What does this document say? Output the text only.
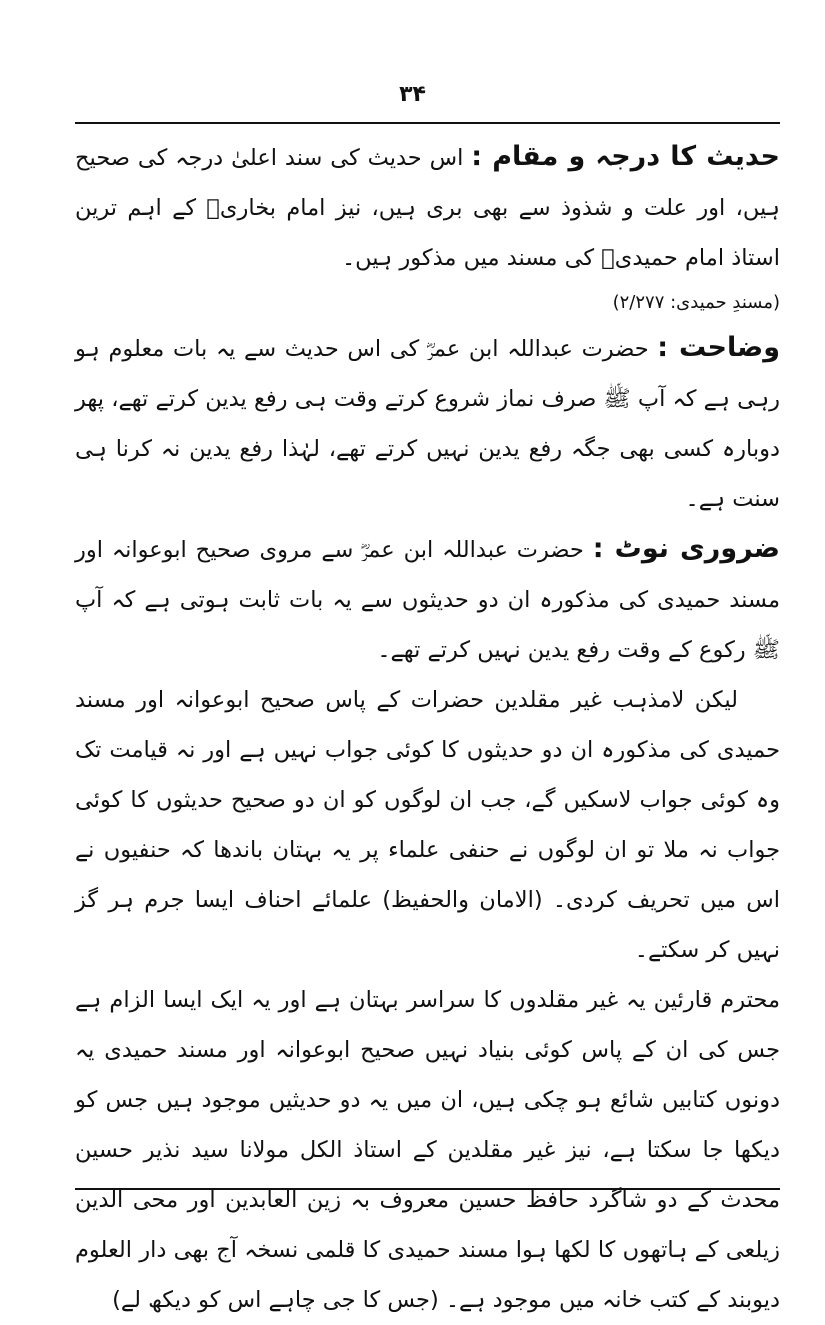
۳۴

حدیث کا درجہ و مقام : اس حدیث کی سند اعلیٰ درجہ کی صحیح ہیں، اور علت و شذوذ سے بھی بری ہیں، نیز امام بخاریؒ کے اہم ترین استاذ امام حمیدیؒ کی مسند میں مذکور ہیں۔

(مسندِ حمیدی: ۲/۲۷۷)

وضاحت : حضرت عبداللہ ابن عمرؓ کی اس حدیث سے یہ بات معلوم ہو رہی ہے کہ آپ ﷺ صرف نماز شروع کرتے وقت ہی رفع یدین کرتے تھے، پھر دوبارہ کسی بھی جگہ رفع یدین نہیں کرتے تھے، لہٰذا رفع یدین نہ کرنا ہی سنت ہے۔

ضروری نوٹ : حضرت عبداللہ ابن عمرؓ سے مروی صحیح ابوعوانہ اور مسند حمیدی کی مذکورہ ان دو حدیثوں سے یہ بات ثابت ہوتی ہے کہ آپ ﷺ رکوع کے وقت رفع یدین نہیں کرتے تھے۔

لیکن لامذہب غیر مقلدین حضرات کے پاس صحیح ابوعوانہ اور مسند حمیدی کی مذکورہ ان دو حدیثوں کا کوئی جواب نہیں ہے اور نہ قیامت تک وہ کوئی جواب لاسکیں گے، جب ان لوگوں کو ان دو صحیح حدیثوں کا کوئی جواب نہ ملا تو ان لوگوں نے حنفی علماء پر یہ بہتان باندھا کہ حنفیوں نے اس میں تحریف کردی۔ (الامان والحفیظ) علمائے احناف ایسا جرم ہر گز نہیں کر سکتے۔

محترم قارئین یہ غیر مقلدوں کا سراسر بہتان ہے اور یہ ایک ایسا الزام ہے جس کی ان کے پاس کوئی بنیاد نہیں صحیح ابوعوانہ اور مسند حمیدی یہ دونوں کتابیں شائع ہو چکی ہیں، ان میں یہ دو حدیثیں موجود ہیں جس کو دیکھا جا سکتا ہے، نیز غیر مقلدین کے استاذ الکل مولانا سید نذیر حسین محدث کے دو شاگرد حافظ حسین معروف بہ زین العابدین اور محی الدین زیلعی کے ہاتھوں کا لکھا ہوا مسند حمیدی کا قلمی نسخہ آج بھی دار العلوم دیوبند کے کتب خانہ میں موجود ہے۔ (جس کا جی چاہے اس کو دیکھ لے)
